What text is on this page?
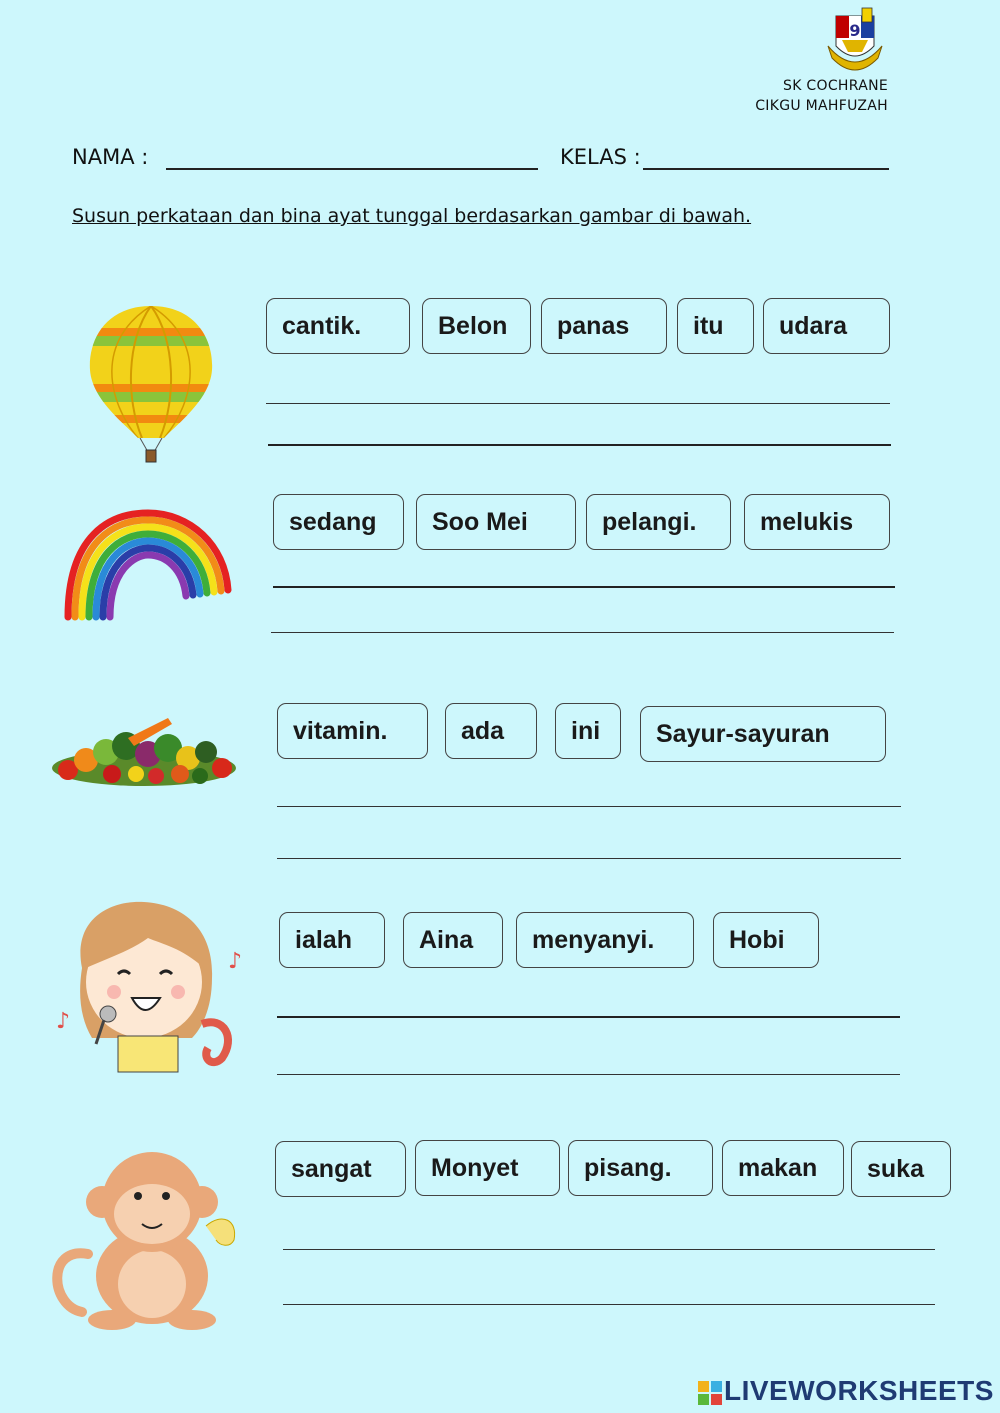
9
SK COCHRANE
CIKGU MAHFUZAH
NAMA :	KELAS :
Susun perkataan dan bina ayat tunggal berdasarkan gambar di bawah.
cantik.	Belon	panas	itu	udara
sedang	Soo Mei	pelangi.	melukis
vitamin.	ada	ini	Sayur-sayuran
♪
♪
ialah	Aina	menyanyi.	Hobi
sangat	Monyet	pisang.	makan	suka
LIVEWORKSHEETS
